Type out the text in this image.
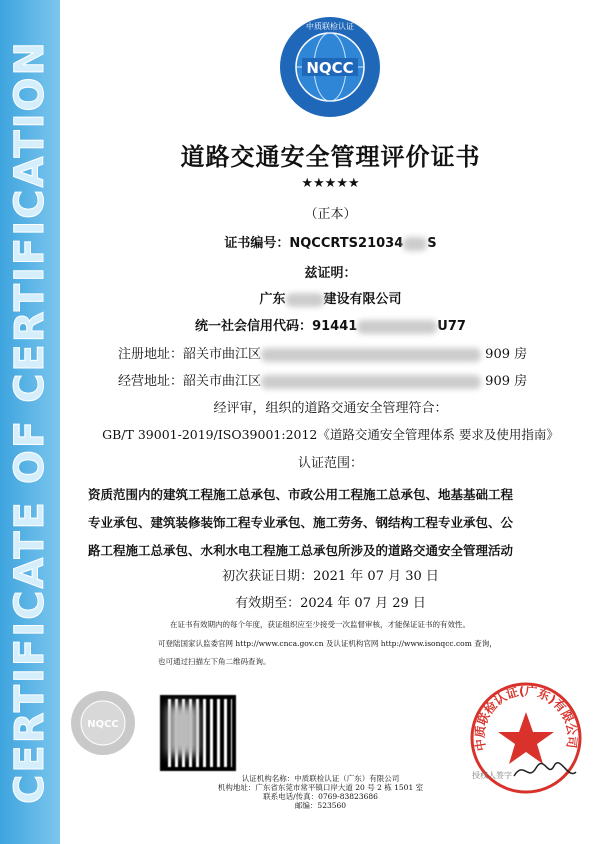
CERTIFICATE OF CERTIFICATION	NQCC
中质联检认证
道路交通安全管理评价证书
★★★★★
（正本）
证书编号：NQCCRTS21034 S
兹证明：
广东	建设有限公司
统一社会信用代码：91441	U77
注册地址：韶关市曲江区	909 房
经营地址：韶关市曲江区	909 房
经评审，组织的道路交通安全管理符合：
GB/T 39001-2019/ISO39001:2012《道路交通安全管理体系 要求及使用指南》
认证范围：
资质范围内的建筑工程施工总承包、市政公用工程施工总承包、地基基础工程
专业承包、建筑装修装饰工程专业承包、施工劳务、钢结构工程专业承包、公
路工程施工总承包、水利水电工程施工总承包所涉及的道路交通安全管理活动
初次获证日期：2021 年 07 月 30 日
有效期至：2024 年 07 月 29 日
在证书有效期内的每个年度，获证组织应至少接受一次监督审核，才能保证证书的有效性。
可登陆国家认监委官网 http://www.cnca.gov.cn 及认证机构官网 http://www.isonqcc.com 查询，
也可通过扫描左下角二维码查询。
NQCC
认证机构名称：中质联检认证（广东）有限公司
机构地址：广东省东莞市常平镇口岸大道 20 号 2 栋 1501 室
联系电话/传真：0769-83823686
邮编：523560
中质联检认证(广东)有限公司
授权人签字
